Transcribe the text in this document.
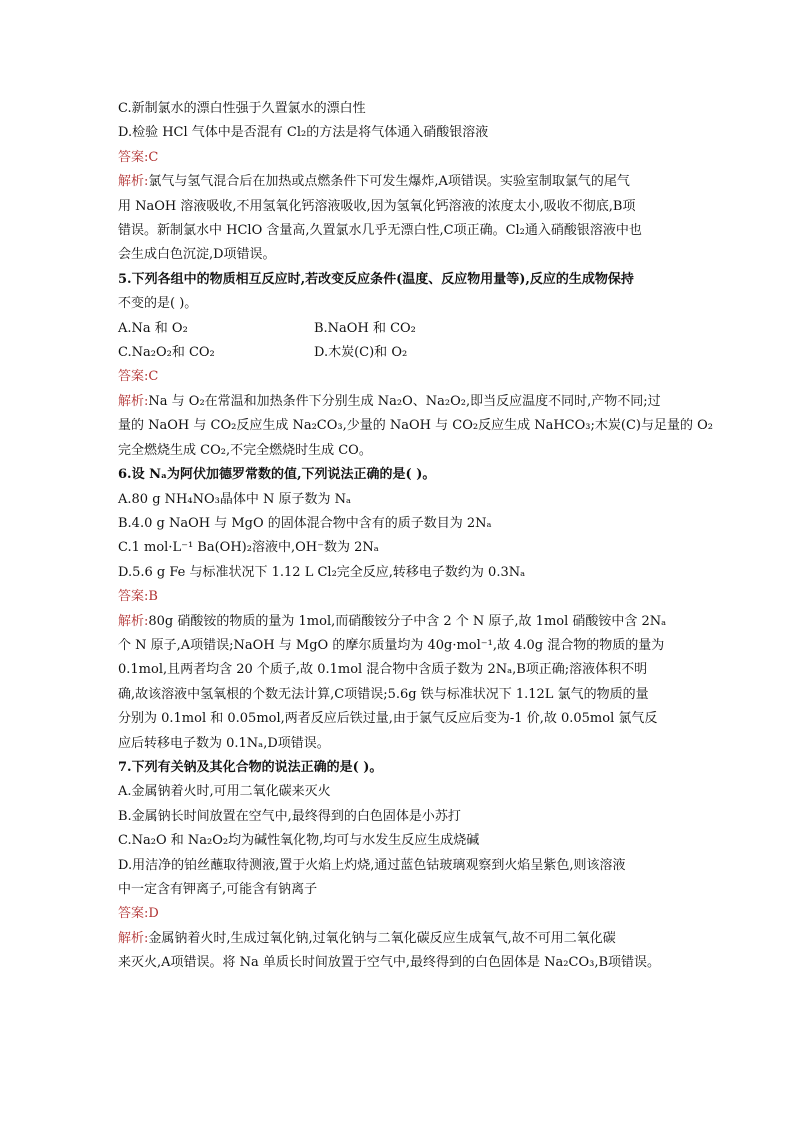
C.新制氯水的漂白性强于久置氯水的漂白性
D.检验 HCl 气体中是否混有 Cl₂的方法是将气体通入硝酸银溶液
答案:C
解析:氯气与氢气混合后在加热或点燃条件下可发生爆炸,A项错误。实验室制取氯气的尾气
用 NaOH 溶液吸收,不用氢氧化钙溶液吸收,因为氢氧化钙溶液的浓度太小,吸收不彻底,B项
错误。新制氯水中 HClO 含量高,久置氯水几乎无漂白性,C项正确。Cl₂通入硝酸银溶液中也
会生成白色沉淀,D项错误。
5.下列各组中的物质相互反应时,若改变反应条件(温度、反应物用量等),反应的生成物保持
不变的是( )。
A.Na 和 O₂	B.NaOH 和 CO₂
C.Na₂O₂和 CO₂	D.木炭(C)和 O₂
答案:C
解析:Na 与 O₂在常温和加热条件下分别生成 Na₂O、Na₂O₂,即当反应温度不同时,产物不同;过
量的 NaOH 与 CO₂反应生成 Na₂CO₃,少量的 NaOH 与 CO₂反应生成 NaHCO₃;木炭(C)与足量的 O₂
完全燃烧生成 CO₂,不完全燃烧时生成 CO。
6.设 Nₐ为阿伏加德罗常数的值,下列说法正确的是( )。
A.80 g NH₄NO₃晶体中 N 原子数为 Nₐ
B.4.0 g NaOH 与 MgO 的固体混合物中含有的质子数目为 2Nₐ
C.1 mol·L⁻¹ Ba(OH)₂溶液中,OH⁻数为 2Nₐ
D.5.6 g Fe 与标准状况下 1.12 L Cl₂完全反应,转移电子数约为 0.3Nₐ
答案:B
解析:80g 硝酸铵的物质的量为 1mol,而硝酸铵分子中含 2 个 N 原子,故 1mol 硝酸铵中含 2Nₐ
个 N 原子,A项错误;NaOH 与 MgO 的摩尔质量均为 40g·mol⁻¹,故 4.0g 混合物的物质的量为
0.1mol,且两者均含 20 个质子,故 0.1mol 混合物中含质子数为 2Nₐ,B项正确;溶液体积不明
确,故该溶液中氢氧根的个数无法计算,C项错误;5.6g 铁与标准状况下 1.12L 氯气的物质的量
分别为 0.1mol 和 0.05mol,两者反应后铁过量,由于氯气反应后变为-1 价,故 0.05mol 氯气反
应后转移电子数为 0.1Nₐ,D项错误。
7.下列有关钠及其化合物的说法正确的是( )。
A.金属钠着火时,可用二氧化碳来灭火
B.金属钠长时间放置在空气中,最终得到的白色固体是小苏打
C.Na₂O 和 Na₂O₂均为碱性氧化物,均可与水发生反应生成烧碱
D.用洁净的铂丝蘸取待测液,置于火焰上灼烧,通过蓝色钴玻璃观察到火焰呈紫色,则该溶液
中一定含有钾离子,可能含有钠离子
答案:D
解析:金属钠着火时,生成过氧化钠,过氧化钠与二氧化碳反应生成氧气,故不可用二氧化碳
来灭火,A项错误。将 Na 单质长时间放置于空气中,最终得到的白色固体是 Na₂CO₃,B项错误。
